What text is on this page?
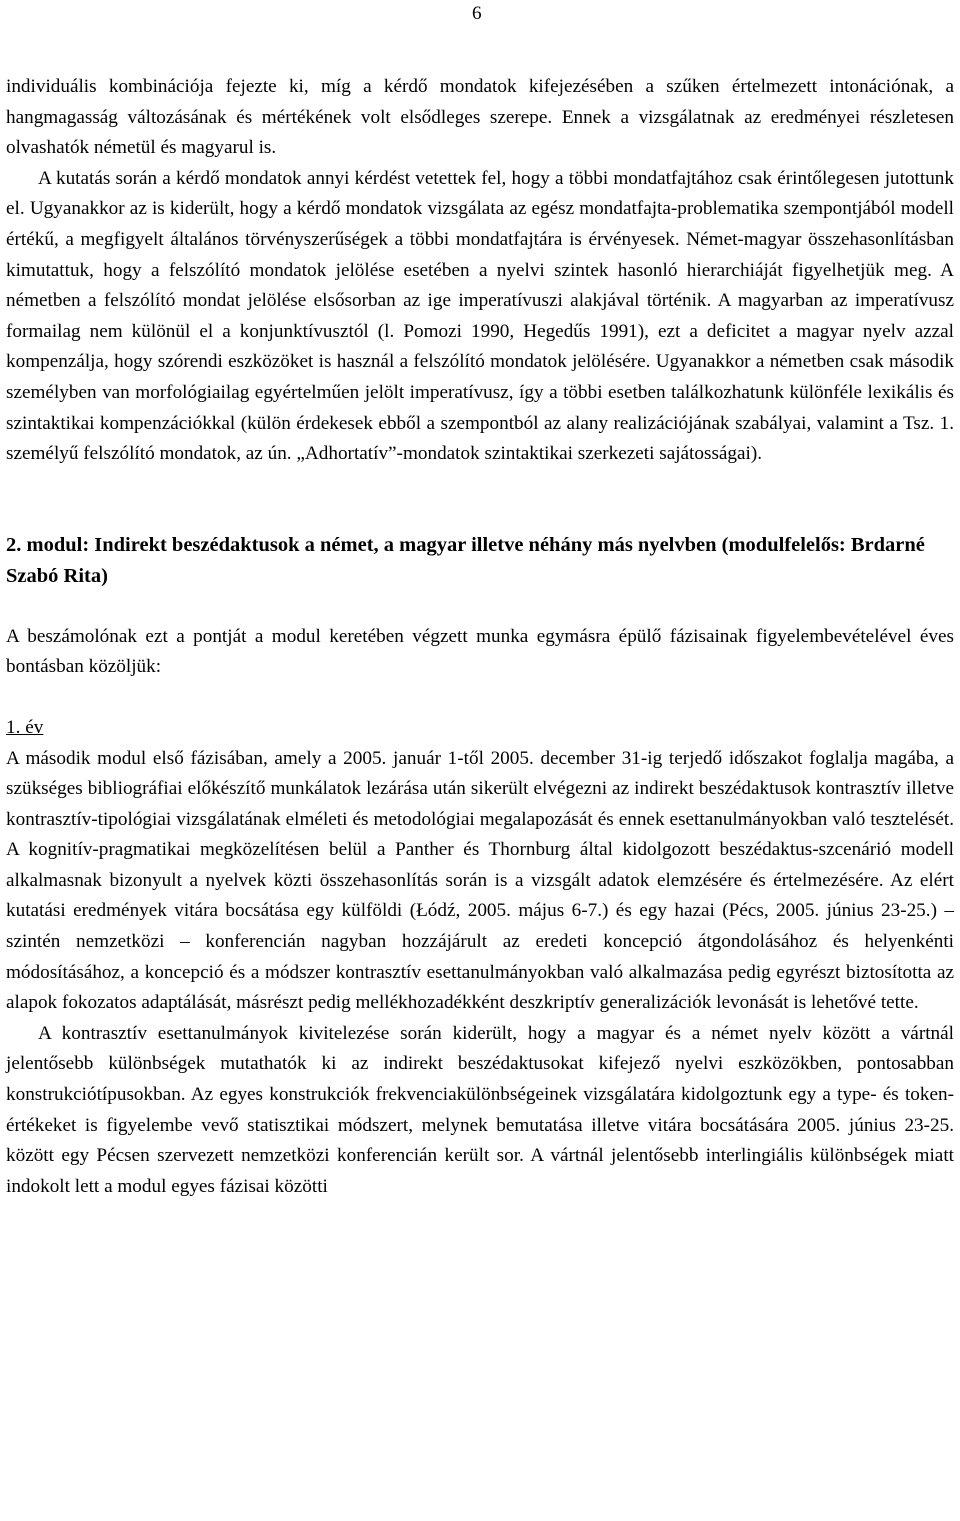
6

individuális kombinációja fejezte ki, míg a kérdő mondatok kifejezésében a szűken értelmezett intonációnak, a hangmagasság változásának és mértékének volt elsődleges szerepe. Ennek a vizsgálatnak az eredményei részletesen olvashatók németül és magyarul is.
A kutatás során a kérdő mondatok annyi kérdést vetettek fel, hogy a többi mondatfajtához csak érintőlegesen jutottunk el. Ugyanakkor az is kiderült, hogy a kérdő mondatok vizsgálata az egész mondatfajta-problematika szempontjából modell értékű, a megfigyelt általános törvényszerűségek a többi mondatfajtára is érvényesek. Német-magyar összehasonlításban kimutattuk, hogy a felszólító mondatok jelölése esetében a nyelvi szintek hasonló hierarchiáját figyelhetjük meg. A németben a felszólító mondat jelölése elsősorban az ige imperatívuszi alakjával történik. A magyarban az imperatívusz formailag nem különül el a konjunktívusztól (l. Pomozi 1990, Hegedűs 1991), ezt a deficitet a magyar nyelv azzal kompenzálja, hogy szórendi eszközöket is használ a felszólító mondatok jelölésére. Ugyanakkor a németben csak második személyben van morfológiailag egyértelműen jelölt imperatívusz, így a többi esetben találkozhatunk különféle lexikális és szintaktikai kompenzációkkal (külön érdekesek ebből a szempontból az alany realizációjának szabályai, valamint a Tsz. 1. személyű felszólító mondatok, az ún. „Adhortatív”-mondatok szintaktikai szerkezeti sajátosságai).

2. modul: Indirekt beszédaktusok a német, a magyar illetve néhány más nyelvben (modulfelelős: Brdarné Szabó Rita)

A beszámolónak ezt a pontját a modul keretében végzett munka egymásra épülő fázisainak figyelembevételével éves bontásban közöljük:

1. év

A második modul első fázisában, amely a 2005. január 1-től 2005. december 31-ig terjedő időszakot foglalja magába, a szükséges bibliográfiai előkészítő munkálatok lezárása után sikerült elvégezni az indirekt beszédaktusok kontrasztív illetve kontrasztív-tipológiai vizsgálatának elméleti és metodológiai megalapozását és ennek esettanulmányokban való tesztelését. A kognitív-pragmatikai megközelítésen belül a Panther és Thornburg által kidolgozott beszédaktus-szcenárió modell alkalmasnak bizonyult a nyelvek közti összehasonlítás során is a vizsgált adatok elemzésére és értelmezésére. Az elért kutatási eredmények vitára bocsátása egy külföldi (Łódź, 2005. május 6-7.) és egy hazai (Pécs, 2005. június 23-25.) – szintén nemzetközi – konferencián nagyban hozzájárult az eredeti koncepció átgondolásához és helyenkénti módosításához, a koncepció és a módszer kontrasztív esettanulmányokban való alkalmazása pedig egyrészt biztosította az alapok fokozatos adaptálását, másrészt pedig mellékhozadékként deszkriptív generalizációk levonását is lehetővé tette.

A kontrasztív esettanulmányok kivitelezése során kiderült, hogy a magyar és a német nyelv között a vártnál jelentősebb különbségek mutathatók ki az indirekt beszédaktusokat kifejező nyelvi eszközökben, pontosabban konstrukciótípusokban. Az egyes konstrukciók frekvenciakülönbségeinek vizsgálatára kidolgoztunk egy a type- és token-értékeket is figyelembe vevő statisztikai módszert, melynek bemutatása illetve vitára bocsátására 2005. június 23-25. között egy Pécsen szervezett nemzetközi konferencián került sor. A vártnál jelentősebb interlingiális különbségek miatt indokolt lett a modul egyes fázisai közötti
